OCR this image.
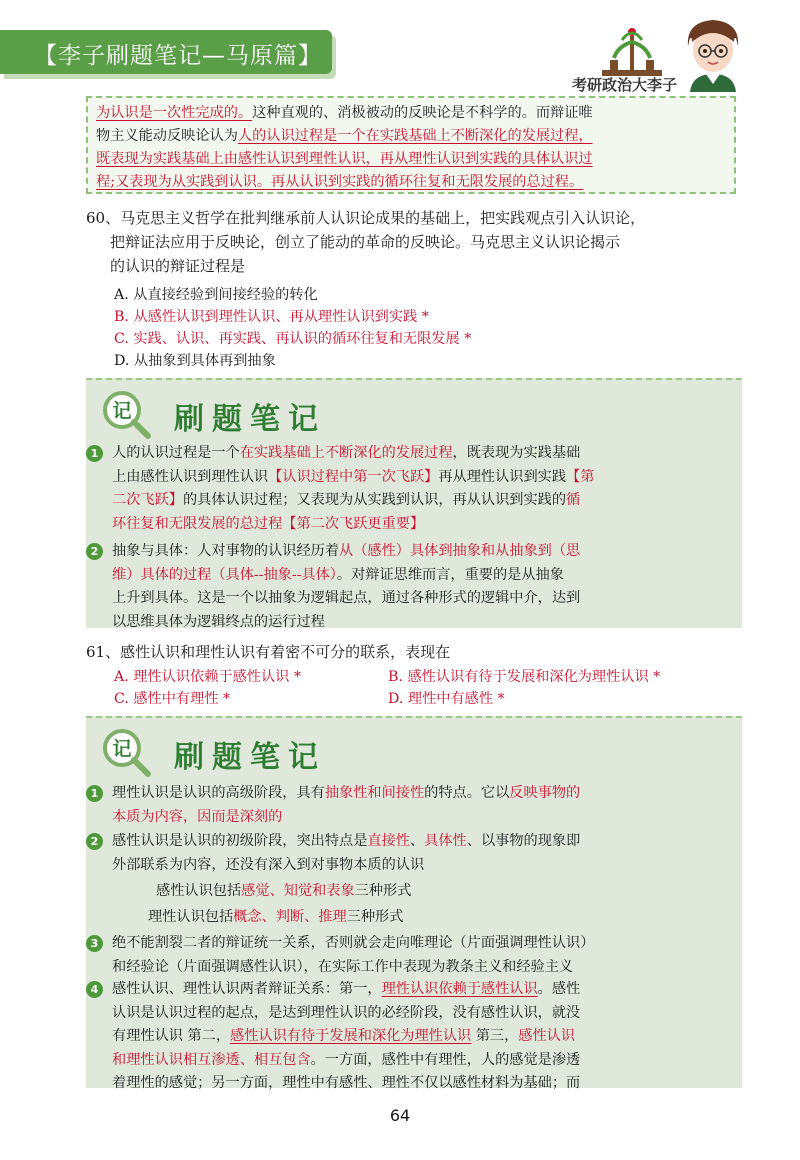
【李子刷题笔记—马原篇】
考研政治大李子
为认识是一次性完成的。这种直观的、消极被动的反映论是不科学的。而辩证唯
物主义能动反映论认为人的认识过程是一个在实践基础上不断深化的发展过程，
既表现为实践基础上由感性认识到理性认识，再从理性认识到实践的具体认识过
程;又表现为从实践到认识。再从认识到实践的循环往复和无限发展的总过程。
60、马克思主义哲学在批判继承前人认识论成果的基础上，把实践观点引入认识论，
把辩证法应用于反映论，创立了能动的革命的反映论。马克思主义认识论揭示
的认识的辩证过程是
A. 从直接经验到间接经验的转化
B. 从感性认识到理性认识、再从理性认识到实践 *
C. 实践、认识、再实践、再认识的循环往复和无限发展 *
D. 从抽象到具体再到抽象
记 刷题笔记
1 人的认识过程是一个在实践基础上不断深化的发展过程，既表现为实践基础
上由感性认识到理性认识【认识过程中第一次飞跃】再从理性认识到实践【第
二次飞跃】的具体认识过程；又表现为从实践到认识，再从认识到实践的循
环往复和无限发展的总过程【第二次飞跃更重要】
2 抽象与具体：人对事物的认识经历着从（感性）具体到抽象和从抽象到（思
维）具体的过程（具体--抽象--具体）。对辩证思维而言，重要的是从抽象
上升到具体。这是一个以抽象为逻辑起点，通过各种形式的逻辑中介，达到
以思维具体为逻辑终点的运行过程
61、感性认识和理性认识有着密不可分的联系，表现在
A. 理性认识依赖于感性认识 *	B. 感性认识有待于发展和深化为理性认识 *
C. 感性中有理性 *	D. 理性中有感性 *
记 刷题笔记
1 理性认识是认识的高级阶段，具有抽象性和间接性的特点。它以反映事物的
本质为内容，因而是深刻的
2 感性认识是认识的初级阶段，突出特点是直接性、具体性、以事物的现象即
外部联系为内容，还没有深入到对事物本质的认识
感性认识包括感觉、知觉和表象三种形式
理性认识包括概念、判断、推理三种形式
3 绝不能割裂二者的辩证统一关系，否则就会走向唯理论（片面强调理性认识）
和经验论（片面强调感性认识），在实际工作中表现为教条主义和经验主义
4 感性认识、理性认识两者辩证关系：第一，理性认识依赖于感性认识。感性
认识是认识过程的起点，是达到理性认识的必经阶段，没有感性认识，就没
有理性认识 第二，感性认识有待于发展和深化为理性认识 第三，感性认识
和理性认识相互渗透、相互包含。一方面，感性中有理性，人的感觉是渗透
着理性的感觉；另一方面，理性中有感性、理性不仅以感性材料为基础；而
64
